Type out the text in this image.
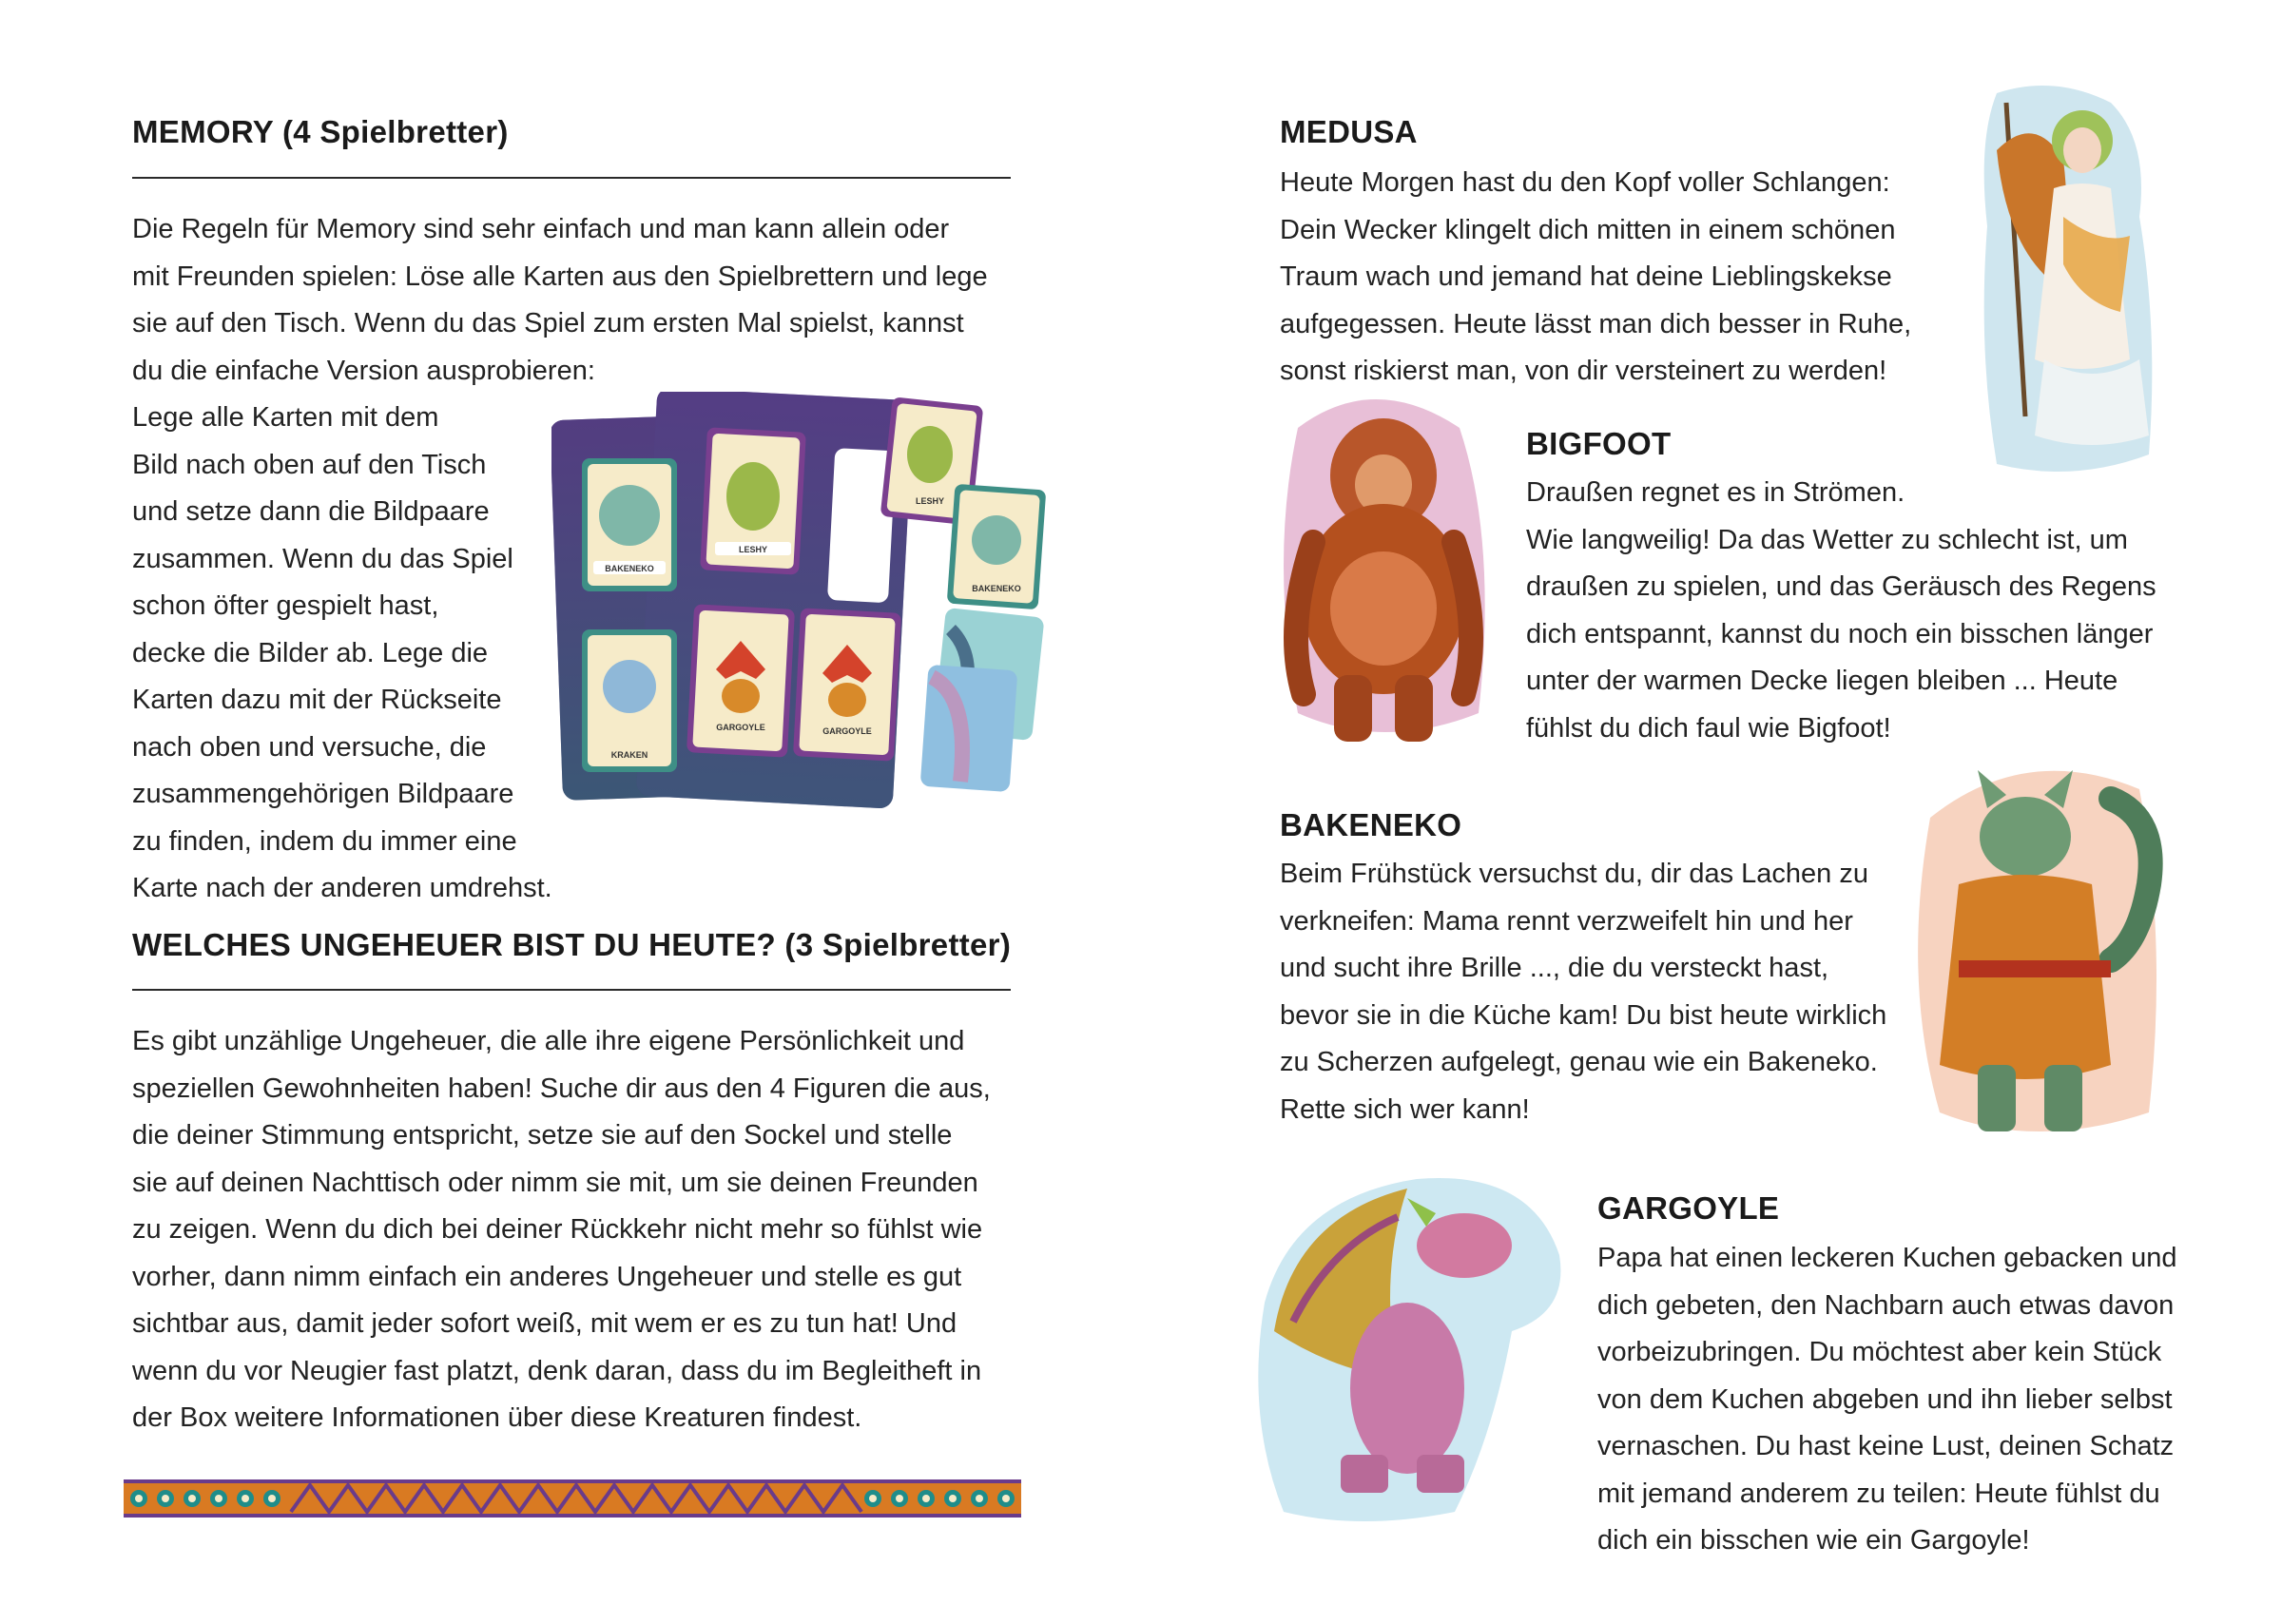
MEMORY (4 Spielbretter)

Die Regeln für Memory sind sehr einfach und man kann allein oder
mit Freunden spielen: Löse alle Karten aus den Spielbrettern und lege
sie auf den Tisch. Wenn du das Spiel zum ersten Mal spielst, kannst
du die einfache Version ausprobieren:

Lege alle Karten mit dem
Bild nach oben auf den Tisch
und setze dann die Bildpaare
zusammen. Wenn du das Spiel
schon öfter gespielt hast,
decke die Bilder ab. Lege die
Karten dazu mit der Rückseite
nach oben und versuche, die
zusammengehörigen Bildpaare
zu finden, indem du immer eine
Karte nach der anderen umdrehst.

BAKENEKO
LESHY
LESHY
BAKENEKO
KRAKEN
GARGOYLE	GARGOYLE
WELCHES UNGEHEUER BIST DU HEUTE? (3 Spielbretter)

Es gibt unzählige Ungeheuer, die alle ihre eigene Persönlichkeit und
speziellen Gewohnheiten haben! Suche dir aus den 4 Figuren die aus,
die deiner Stimmung entspricht, setze sie auf den Sockel und stelle
sie auf deinen Nachttisch oder nimm sie mit, um sie deinen Freunden
zu zeigen. Wenn du dich bei deiner Rückkehr nicht mehr so fühlst wie
vorher, dann nimm einfach ein anderes Ungeheuer und stelle es gut
sichtbar aus, damit jeder sofort weiß, mit wem er es zu tun hat! Und
wenn du vor Neugier fast platzt, denk daran, dass du im Begleitheft in
der Box weitere Informationen über diese Kreaturen findest.

MEDUSA

Heute Morgen hast du den Kopf voller Schlangen:
Dein Wecker klingelt dich mitten in einem schönen
Traum wach und jemand hat deine Lieblingskekse
aufgegessen. Heute lässt man dich besser in Ruhe,
sonst riskierst man, von dir versteinert zu werden!

BIGFOOT

Draußen regnet es in Strömen.
Wie langweilig! Da das Wetter zu schlecht ist, um
draußen zu spielen, und das Geräusch des Regens
dich entspannt, kannst du noch ein bisschen länger
unter der warmen Decke liegen bleiben ... Heute
fühlst du dich faul wie Bigfoot!

BAKENEKO

Beim Frühstück versuchst du, dir das Lachen zu
verkneifen: Mama rennt verzweifelt hin und her
und sucht ihre Brille ..., die du versteckt hast,
bevor sie in die Küche kam! Du bist heute wirklich
zu Scherzen aufgelegt, genau wie ein Bakeneko.
Rette sich wer kann!

GARGOYLE

Papa hat einen leckeren Kuchen gebacken und
dich gebeten, den Nachbarn auch etwas davon
vorbeizubringen. Du möchtest aber kein Stück
von dem Kuchen abgeben und ihn lieber selbst
vernaschen. Du hast keine Lust, deinen Schatz
mit jemand anderem zu teilen: Heute fühlst du
dich ein bisschen wie ein Gargoyle!
